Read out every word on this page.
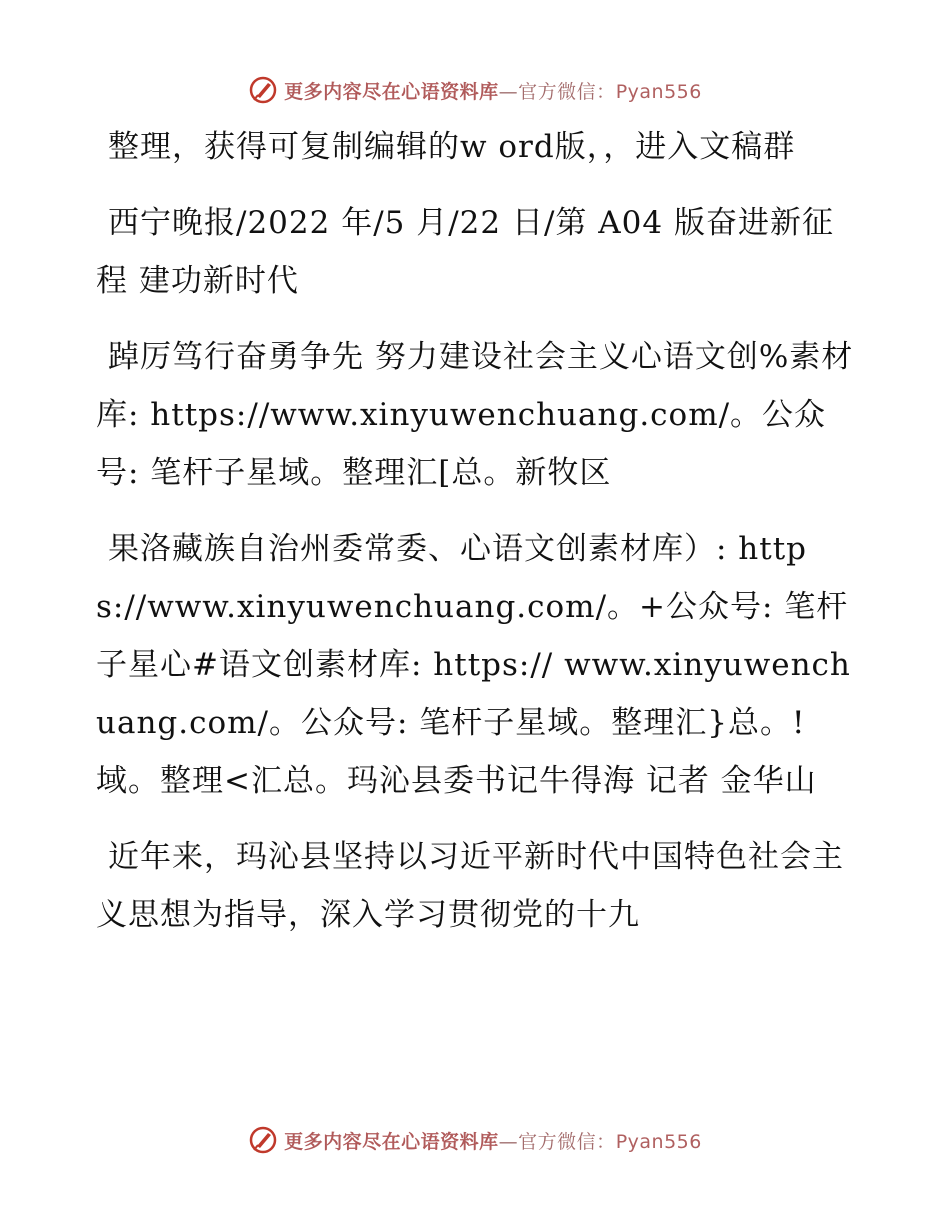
更多内容尽在心语资料库—官方微信：Pyan556

整理，获得可复制编辑的w ord版，，进入文稿群

西宁晚报/2022 年/5 月/22 日/第 A04 版奋进新征程 建功新时代

踔厉笃行奋勇争先 努力建设社会主义心语文创%素材库: https://www.xinyuwenchuang.com/。公众号: 笔杆子星域。整理汇[总。新牧区

果洛藏族自治州委常委、心语文创素材库）: https://www.xinyuwenchuang.com/。+公众号: 笔杆子星心#语文创素材库: https:// www.xinyuwenchuang.com/。公众号: 笔杆子星域。整理汇}总。! 域。整理<汇总。玛沁县委书记牛得海 记者 金华山

近年来，玛沁县坚持以习近平新时代中国特色社会主义思想为指导，深入学习贯彻党的十九

更多内容尽在心语资料库—官方微信：Pyan556
